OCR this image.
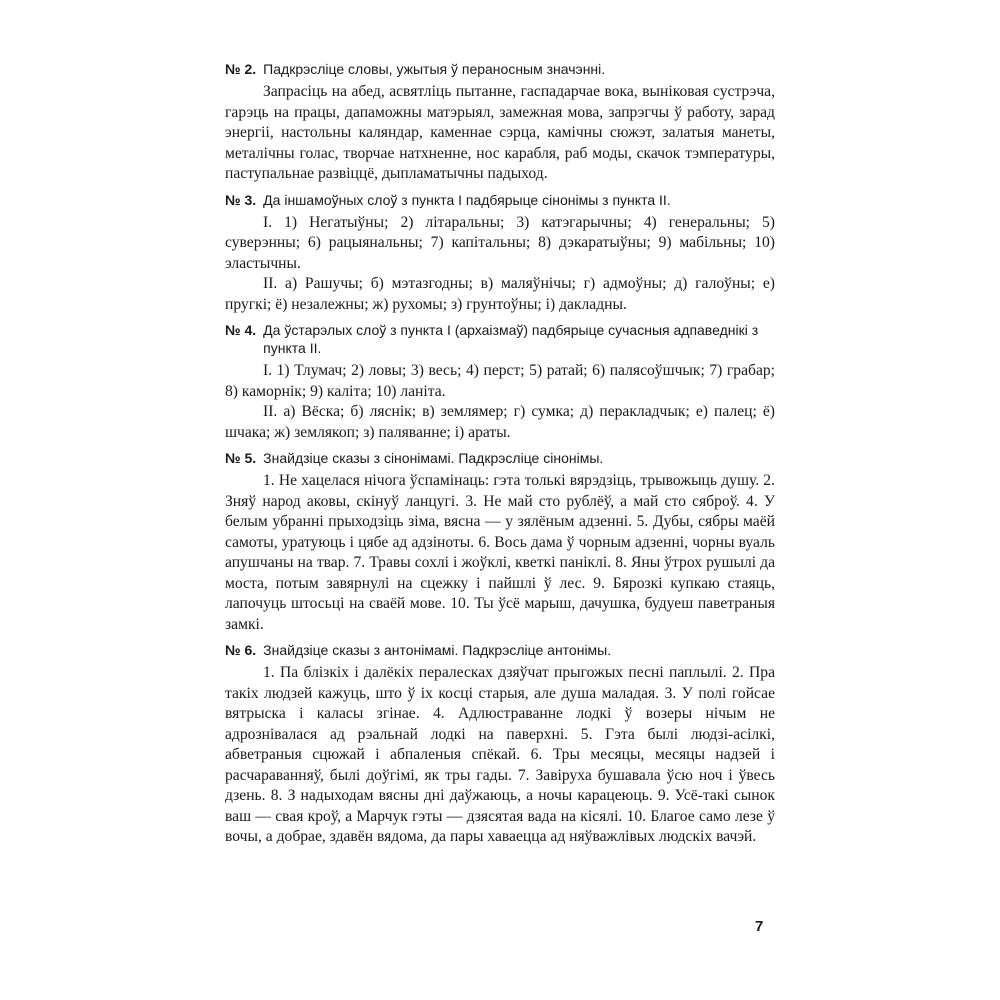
№ 2. Падкрэсліце словы, ужытыя ў пераносным значэнні.

Запрасіць на абед, асвятліць пытанне, гаспадарчае вока, выніковая сустрэча, гарэць на працы, дапаможны матэрыял, замежная мова, запрэгчы ў работу, зарад энергіі, настольны каляндар, каменнае сэрца, камічны сюжэт, залатыя манеты, металічны голас, творчае натхненне, нос карабля, раб моды, скачок тэмпературы, паступальнае развіццё, дыпламатычны падыход.

№ 3. Да іншамоўных слоў з пункта І падбярыце сінонімы з пункта ІІ.

І. 1) Негатыўны; 2) літаральны; 3) катэгарычны; 4) генеральны; 5) суверэнны; 6) рацыянальны; 7) капітальны; 8) дэкаратыўны; 9) мабільны; 10) эластычны.

ІІ. а) Рашучы; б) мэтазгодны; в) маляўнічы; г) адмоўны; д) галоўны; е) пругкі; ё) незалежны; ж) рухомы; з) грунтоўны; і) дакладны.

№ 4. Да ўстарэлых слоў з пункта І (архаізмаў) падбярыце сучасныя адпаведнікі з пункта ІІ.

І. 1) Тлумач; 2) ловы; 3) весь; 4) перст; 5) ратай; 6) палясоўшчык; 7) грабар; 8) каморнік; 9) каліта; 10) ланіта.

ІІ. а) Вёска; б) ляснік; в) землямер; г) сумка; д) перакладчык; е) палец; ё) шчака; ж) землякоп; з) паляванне; і) араты.

№ 5. Знайдзіце сказы з сінонімамі. Падкрэсліце сінонімы.

1. Не хацелася нічога ўспамінаць: гэта толькі вярэдзіць, трывожыць душу. 2. Зняў народ аковы, скінуў ланцугі. 3. Не май сто рублёў, а май сто сяброў. 4. У белым убранні прыходзіць зіма, вясна — у зялёным адзенні. 5. Дубы, сябры маёй самоты, уратуюць і цябе ад адзіноты. 6. Вось дама ў чорным адзенні, чорны вуаль апушчаны на твар. 7. Травы сохлі і жоўклі, кветкі паніклі. 8. Яны ўтрох рушылі да моста, потым завярнулі на сцежку і пайшлі ў лес. 9. Бярозкі купкаю стаяць, лапочуць штосьці на сваёй мове. 10. Ты ўсё марыш, дачушка, будуеш паветраныя замкі.

№ 6. Знайдзіце сказы з антонімамі. Падкрэсліце антонімы.

1. Па блізкіх і далёкіх пералесках дзяўчат прыгожых песні паплылі. 2. Пра такіх людзей кажуць, што ў іх косці старыя, але душа маладая. 3. У полі гойсае вятрыска і каласы згінае. 4. Адлюстраванне лодкі ў возеры нічым не адрознівалася ад рэальнай лодкі на паверхні. 5. Гэта былі людзі-асілкі, абветраныя сцюжай і абпаленыя спёкай. 6. Тры месяцы, месяцы надзей і расчараванняў, былі доўгімі, як тры гады. 7. Завіруха бушавала ўсю ноч і ўвесь дзень. 8. З надыходам вясны дні даўжаюць, а ночы карацеюць. 9. Усё-такі сынок ваш — свая кроў, а Марчук гэты — дзясятая вада на кісялі. 10. Благое само лезе ў вочы, а добрае, здавён вядома, да пары хаваецца ад няўважлівых людскіх вачэй.

7
